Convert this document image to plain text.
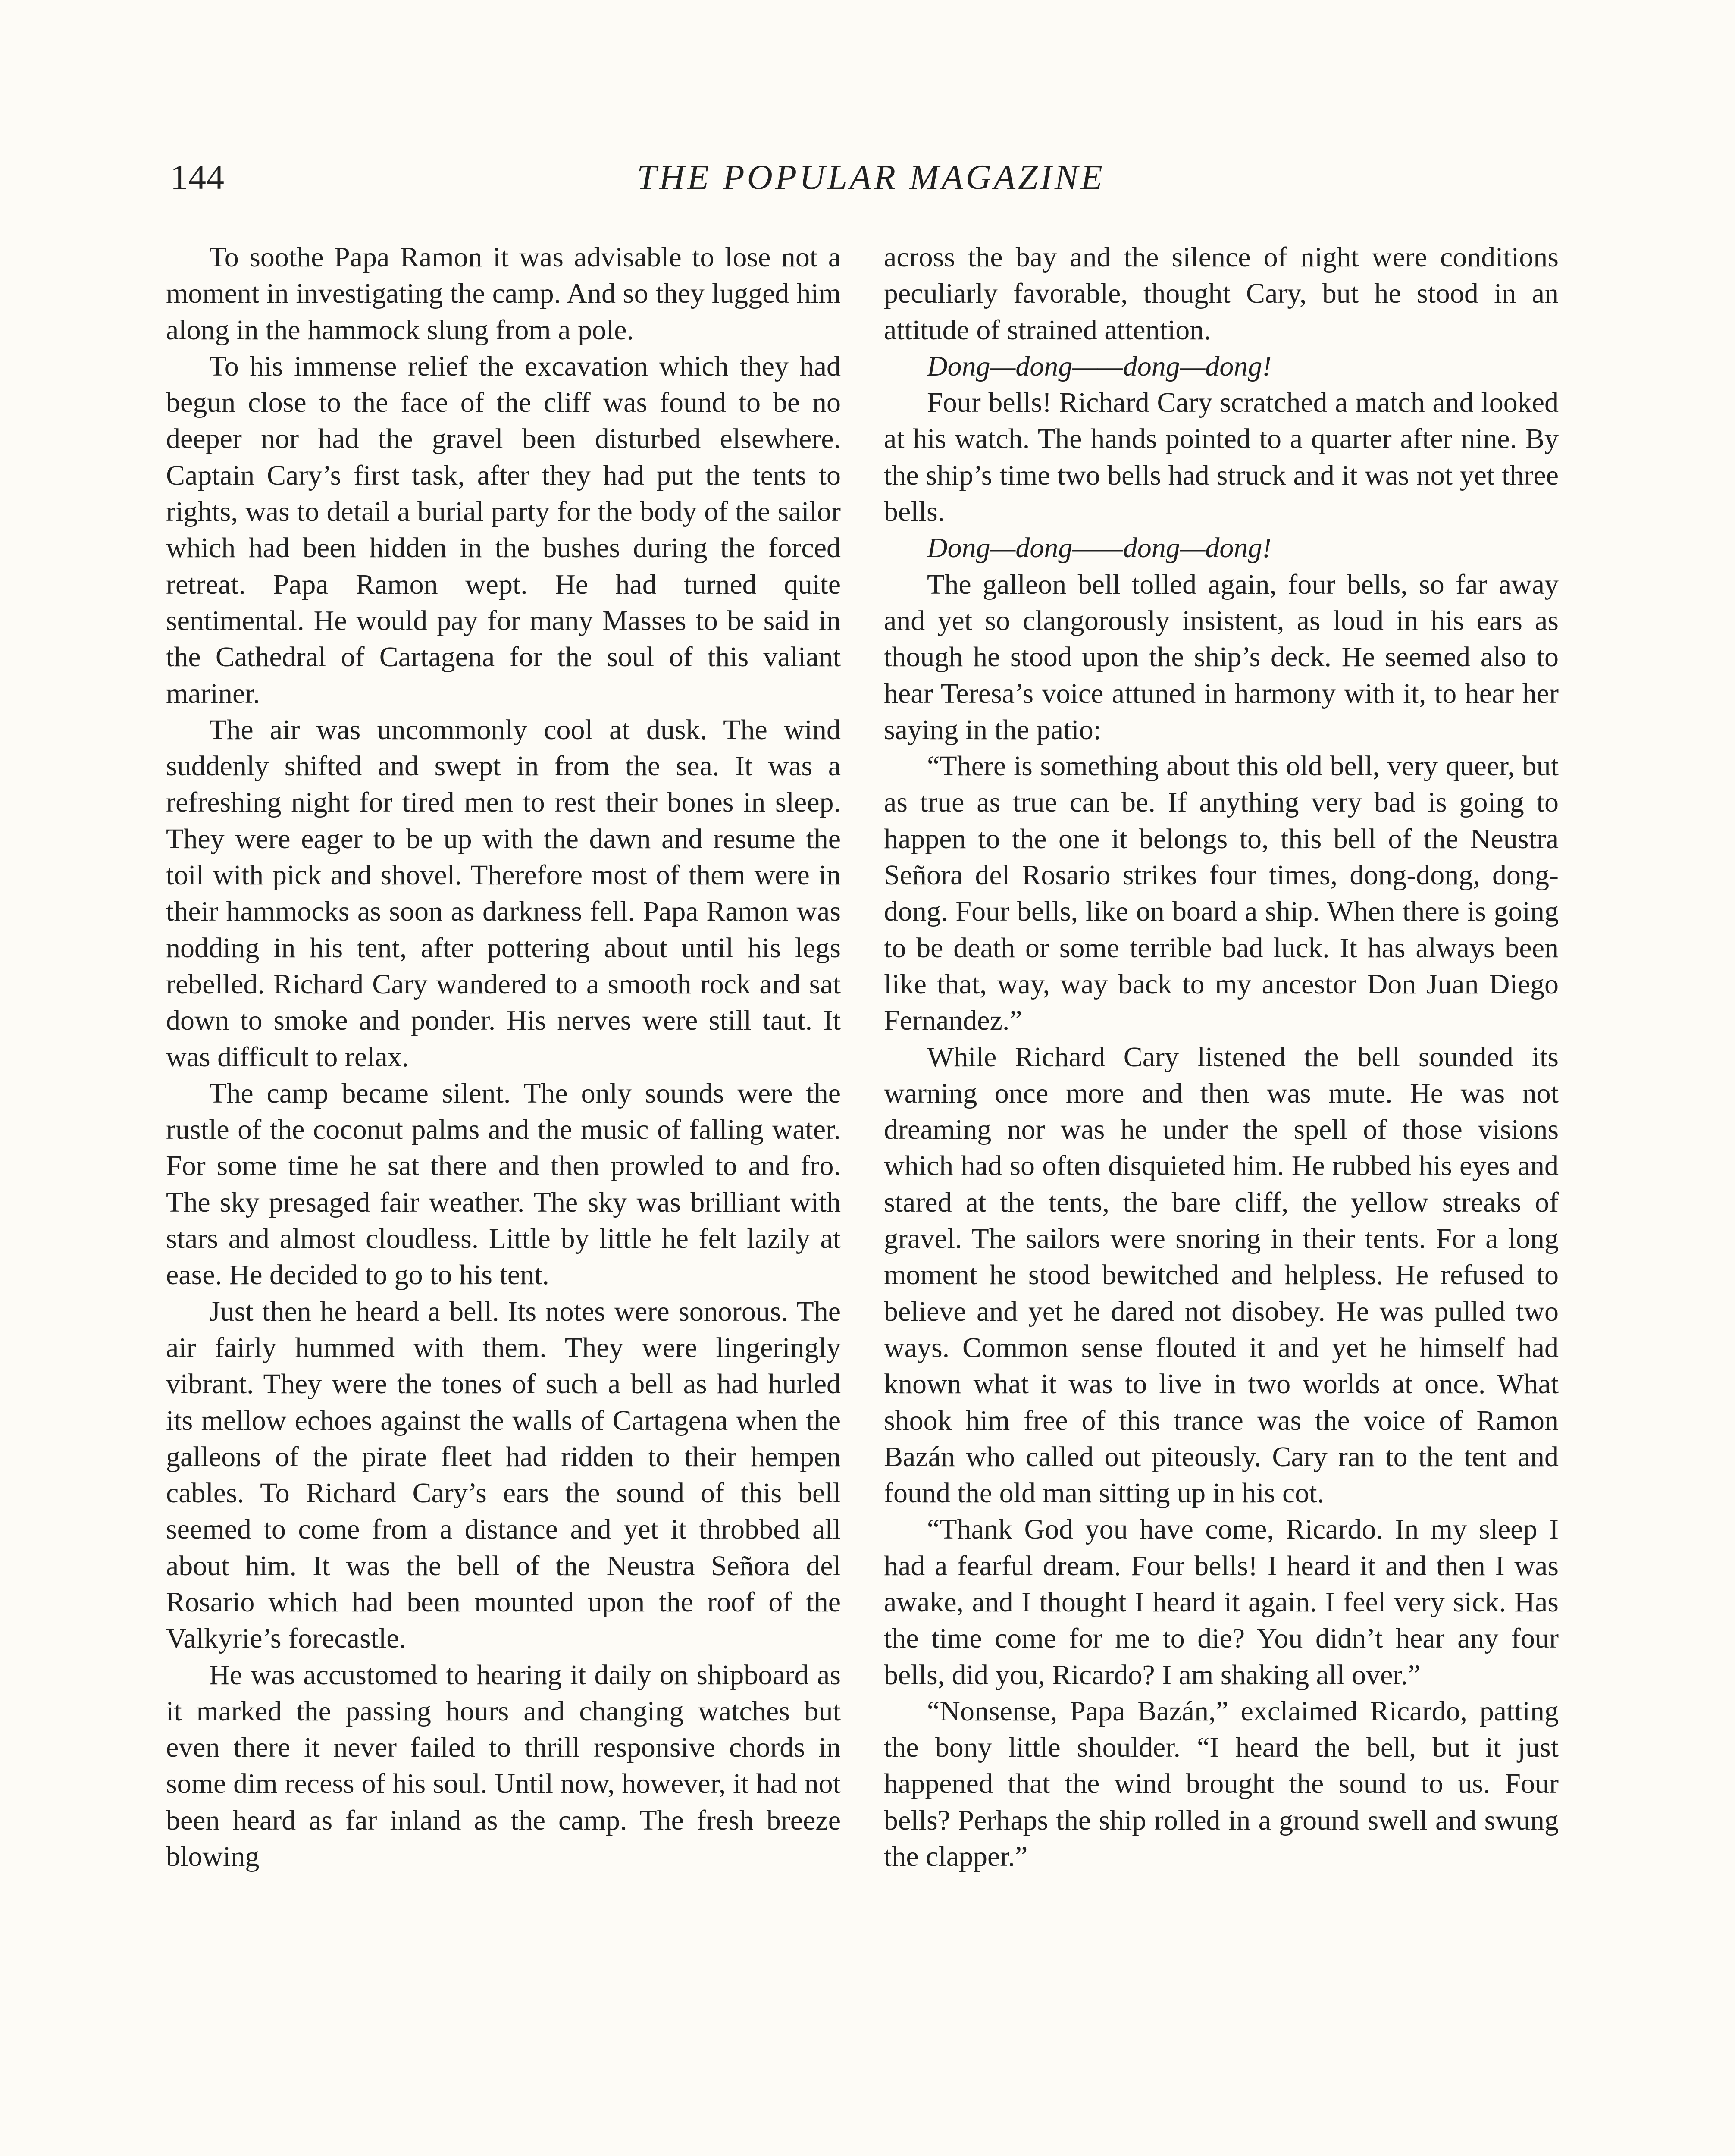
144	THE POPULAR MAGAZINE

To soothe Papa Ramon it was advisable to lose not a moment in investigating the camp. And so they lugged him along in the hammock slung from a pole.

To his immense relief the excavation which they had begun close to the face of the cliff was found to be no deeper nor had the gravel been disturbed elsewhere. Captain Cary’s first task, after they had put the tents to rights, was to detail a burial party for the body of the sailor which had been hidden in the bushes during the forced retreat. Papa Ramon wept. He had turned quite sentimental. He would pay for many Masses to be said in the Cathedral of Cartagena for the soul of this valiant mariner.

The air was uncommonly cool at dusk. The wind suddenly shifted and swept in from the sea. It was a refreshing night for tired men to rest their bones in sleep. They were eager to be up with the dawn and resume the toil with pick and shovel. Therefore most of them were in their hammocks as soon as darkness fell. Papa Ramon was nodding in his tent, after pottering about until his legs rebelled. Richard Cary wandered to a smooth rock and sat down to smoke and ponder. His nerves were still taut. It was difficult to relax.

The camp became silent. The only sounds were the rustle of the coconut palms and the music of falling water. For some time he sat there and then prowled to and fro. The sky presaged fair weather. The sky was brilliant with stars and almost cloudless. Little by little he felt lazily at ease. He decided to go to his tent.

Just then he heard a bell. Its notes were sonorous. The air fairly hummed with them. They were lingeringly vibrant. They were the tones of such a bell as had hurled its mellow echoes against the walls of Cartagena when the galleons of the pirate fleet had ridden to their hempen cables. To Richard Cary’s ears the sound of this bell seemed to come from a distance and yet it throbbed all about him. It was the bell of the Neustra Señora del Rosario which had been mounted upon the roof of the Valkyrie’s forecastle.

He was accustomed to hearing it daily on shipboard as it marked the passing hours and changing watches but even there it never failed to thrill responsive chords in some dim recess of his soul. Until now, however, it had not been heard as far inland as the camp. The fresh breeze blowing

across the bay and the silence of night were conditions peculiarly favorable, thought Cary, but he stood in an attitude of strained attention.

Dong—dong——dong—dong!

Four bells! Richard Cary scratched a match and looked at his watch. The hands pointed to a quarter after nine. By the ship’s time two bells had struck and it was not yet three bells.

Dong—dong——dong—dong!

The galleon bell tolled again, four bells, so far away and yet so clangorously insistent, as loud in his ears as though he stood upon the ship’s deck. He seemed also to hear Teresa’s voice attuned in harmony with it, to hear her saying in the patio:

“There is something about this old bell, very queer, but as true as true can be. If anything very bad is going to happen to the one it belongs to, this bell of the Neustra Señora del Rosario strikes four times, dong-dong, dong-dong. Four bells, like on board a ship. When there is going to be death or some terrible bad luck. It has always been like that, way, way back to my ancestor Don Juan Diego Fernandez.”

While Richard Cary listened the bell sounded its warning once more and then was mute. He was not dreaming nor was he under the spell of those visions which had so often disquieted him. He rubbed his eyes and stared at the tents, the bare cliff, the yellow streaks of gravel. The sailors were snoring in their tents. For a long moment he stood bewitched and helpless. He refused to believe and yet he dared not disobey. He was pulled two ways. Common sense flouted it and yet he himself had known what it was to live in two worlds at once. What shook him free of this trance was the voice of Ramon Bazán who called out piteously. Cary ran to the tent and found the old man sitting up in his cot.

“Thank God you have come, Ricardo. In my sleep I had a fearful dream. Four bells! I heard it and then I was awake, and I thought I heard it again. I feel very sick. Has the time come for me to die? You didn’t hear any four bells, did you, Ricardo? I am shaking all over.”

“Nonsense, Papa Bazán,” exclaimed Ricardo, patting the bony little shoulder. “I heard the bell, but it just happened that the wind brought the sound to us. Four bells? Perhaps the ship rolled in a ground swell and swung the clapper.”
